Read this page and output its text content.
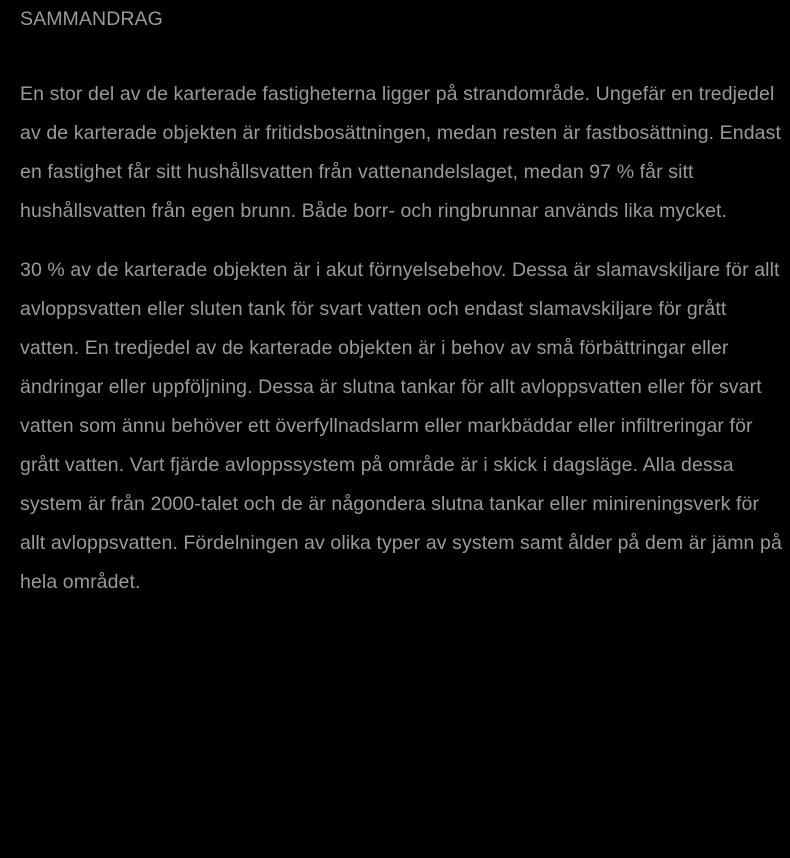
SAMMANDRAG

En stor del av de karterade fastigheterna ligger på strandområde. Ungefär en tredjedel av de karterade objekten är fritidsbosättningen, medan resten är fastbosättning. Endast en fastighet får sitt hushållsvatten från vattenandelslaget, medan 97 % får sitt hushållsvatten från egen brunn. Både borr- och ringbrunnar används lika mycket.

30 % av de karterade objekten är i akut förnyelsebehov. Dessa är slamavskiljare för allt avloppsvatten eller sluten tank för svart vatten och endast slamavskiljare för grått vatten. En tredjedel av de karterade objekten är i behov av små förbättringar eller ändringar eller uppföljning. Dessa är slutna tankar för allt avloppsvatten eller för svart vatten som ännu behöver ett överfyllnadslarm eller markbäddar eller infiltreringar för grått vatten. Vart fjärde avloppssystem på område är i skick i dagsläge. Alla dessa system är från 2000-talet och de är någondera slutna tankar eller minireningsverk för allt avloppsvatten. Fördelningen av olika typer av system samt ålder på dem är jämn på hela området.
